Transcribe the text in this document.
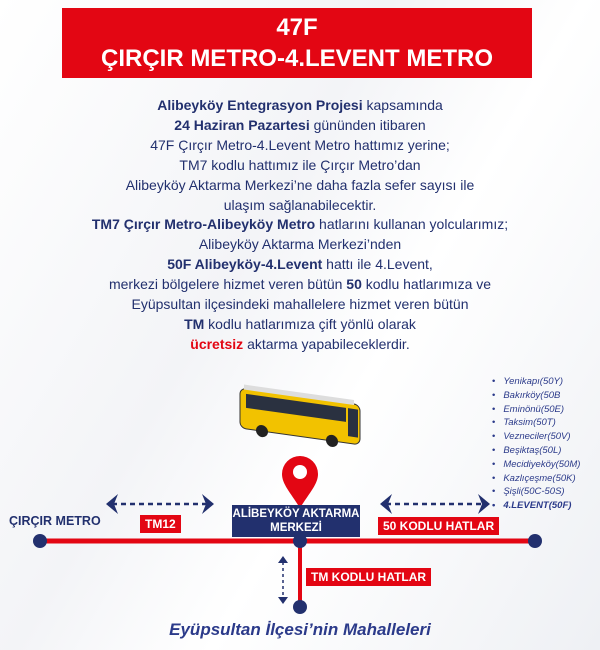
47F
ÇIRÇIR METRO-4.LEVENT METRO
Alibeyköy Entegrasyon Projesi kapsamında
24 Haziran Pazartesi gününden itibaren
47F Çırçır Metro-4.Levent Metro hattımız yerine;
TM7 kodlu hattımız ile Çırçır Metro’dan
Alibeyköy Aktarma Merkezi’ne daha fazla sefer sayısı ile
ulaşım sağlanabilecektir.
TM7 Çırçır Metro-Alibeyköy Metro hatlarını kullanan yolcularımız;
Alibeyköy Aktarma Merkezi’nden
50F Alibeyköy-4.Levent hattı ile 4.Levent,
merkezi bölgelere hizmet veren bütün 50 kodlu hatlarımıza ve
Eyüpsultan ilçesindeki mahallelere hizmet veren bütün
TM kodlu hatlarımıza çift yönlü olarak
ücretsiz aktarma yapabileceklerdir.
• Yenikapı(50Y)
• Bakırköy(50B
• Eminönü(50E)
• Taksim(50T)
• Vezneciler(50V)
• Beşiktaş(50L)
• Mecidiyeköy(50M)
• Kazlıçeşme(50K)
• Şişli(50C-50S)
• 4.LEVENT(50F)
ÇIRÇIR METRO	TM12
ALİBEYKÖY AKTARMA
MERKEZİ	50 KODLU HATLAR
TM KODLU HATLAR
Eyüpsultan İlçesi’nin Mahalleleri
